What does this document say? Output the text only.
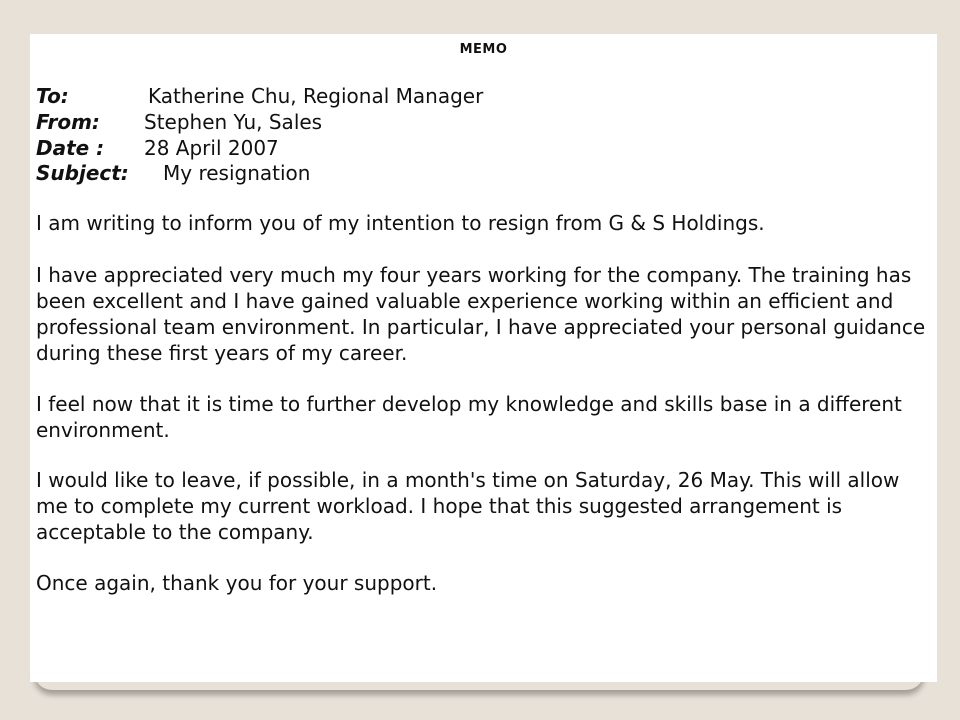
MEMO
To:	Katherine Chu, Regional Manager
From: Stephen Yu, Sales
Date : 28 April 2007
Subject: My resignation

I am writing to inform you of my intention to resign from G & S Holdings.

I have appreciated very much my four years working for the company. The training has been excellent and I have gained valuable experience working within an efficient and professional team environment. In particular, I have appreciated your personal guidance during these first years of my career.

I feel now that it is time to further develop my knowledge and skills base in a different environment.

I would like to leave, if possible, in a month's time on Saturday, 26 May. This will allow me to complete my current workload. I hope that this suggested arrangement is acceptable to the company.

Once again, thank you for your support.
